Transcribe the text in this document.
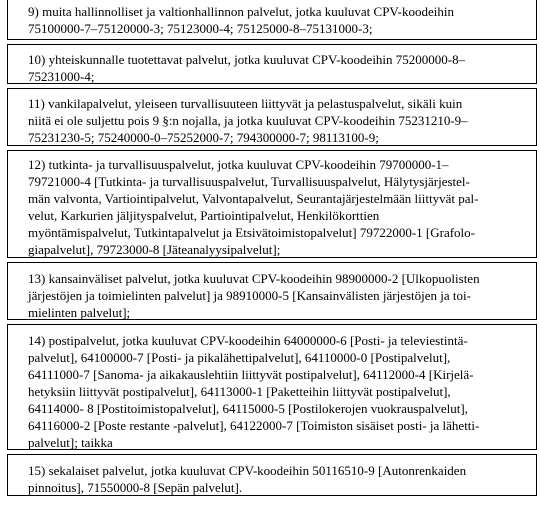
9) muita hallinnolliset ja valtionhallinnon palvelut, jotka kuuluvat CPV-koodeihin

75100000-7–75120000-3; 75123000-4; 75125000-8–75131000-3;

10) yhteiskunnalle tuotettavat palvelut, jotka kuuluvat CPV-koodeihin 75200000-8–

75231000-4;

11) vankilapalvelut, yleiseen turvallisuuteen liittyvät ja pelastuspalvelut, sikäli kuin

niitä ei ole suljettu pois 9 §:n nojalla, ja jotka kuuluvat CPV-koodeihin 75231210-9–

75231230-5; 75240000-0–75252000-7; 794300000-7; 98113100-9;

12) tutkinta- ja turvallisuuspalvelut, jotka kuuluvat CPV-koodeihin 79700000-1–

79721000-4 [Tutkinta- ja turvallisuuspalvelut, Turvallisuuspalvelut, Hälytysjärjestel-

män valvonta, Vartiointipalvelut, Valvontapalvelut, Seurantajärjestelmään liittyvät pal-

velut, Karkurien jäljityspalvelut, Partiointipalvelut, Henkilökorttien

myöntämispalvelut, Tutkintapalvelut ja Etsivätoimistopalvelut] 79722000-1 [Grafolo-

giapalvelut], 79723000-8 [Jäteanalyysipalvelut];

13) kansainväliset palvelut, jotka kuuluvat CPV-koodeihin 98900000-2 [Ulkopuolisten

järjestöjen ja toimielinten palvelut] ja 98910000-5 [Kansainvälisten järjestöjen ja toi-

mielinten palvelut];

14) postipalvelut, jotka kuuluvat CPV-koodeihin 64000000-6 [Posti- ja televiestintä-

palvelut], 64100000-7 [Posti- ja pikalähettipalvelut], 64110000-0 [Postipalvelut],

64111000-7 [Sanoma- ja aikakauslehtiin liittyvät postipalvelut], 64112000-4 [Kirjelä-

hetyksiin liittyvät postipalvelut], 64113000-1 [Paketteihin liittyvät postipalvelut],

64114000- 8 [Postitoimistopalvelut], 64115000-5 [Postilokerojen vuokrauspalvelut],

64116000-2 [Poste restante -palvelut], 64122000-7 [Toimiston sisäiset posti- ja lähetti-

palvelut]; taikka

15) sekalaiset palvelut, jotka kuuluvat CPV-koodeihin 50116510-9 [Autonrenkaiden

pinnoitus], 71550000-8 [Sepän palvelut].
